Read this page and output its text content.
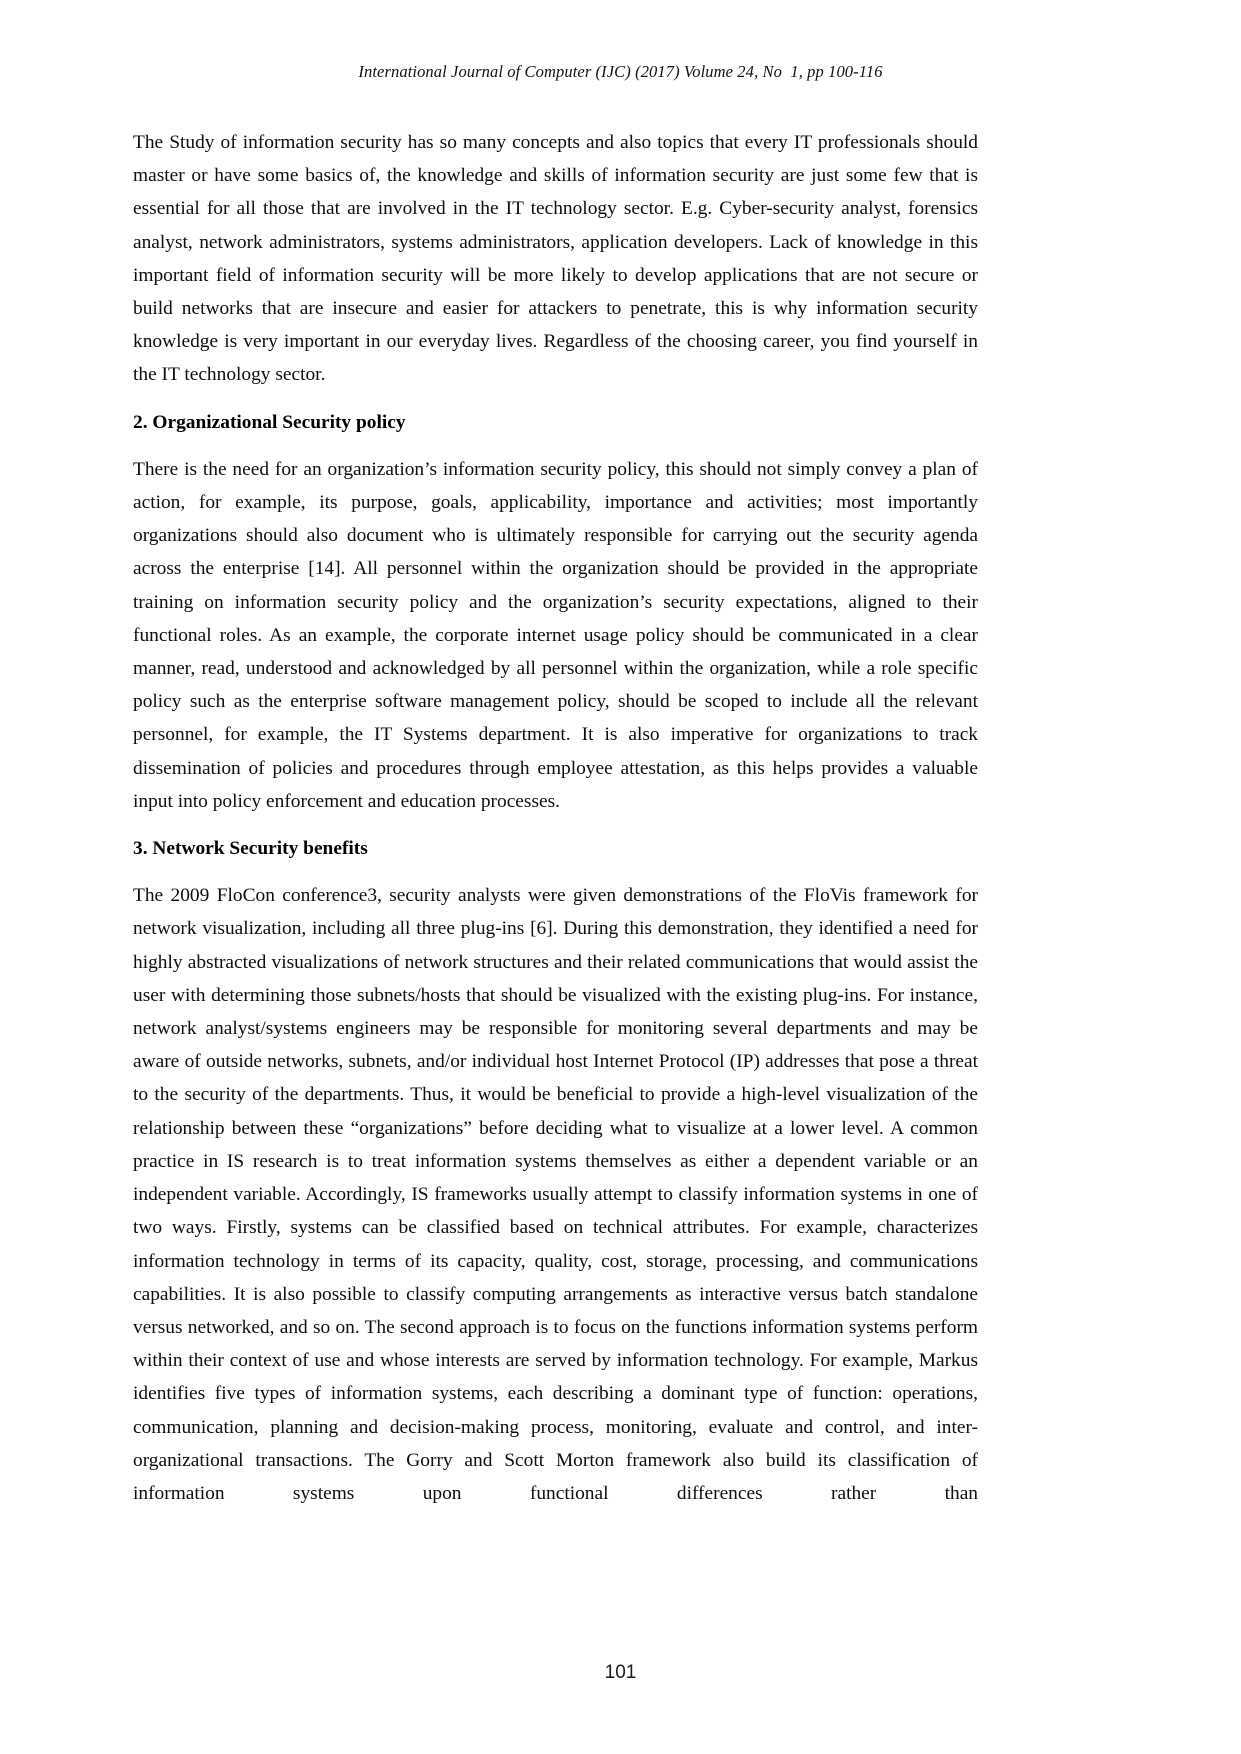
International Journal of Computer (IJC) (2017) Volume 24, No  1, pp 100-116

The Study of information security has so many concepts and also topics that every IT professionals should master or have some basics of, the knowledge and skills of information security are just some few that is essential for all those that are involved in the IT technology sector. E.g. Cyber-security analyst, forensics analyst, network administrators, systems administrators, application developers. Lack of knowledge in this important field of information security will be more likely to develop applications that are not secure or build networks that are insecure and easier for attackers to penetrate, this is why information security knowledge is very important in our everyday lives. Regardless of the choosing career, you find yourself in the IT technology sector.

2. Organizational Security policy

There is the need for an organization’s information security policy, this should not simply convey a plan of action, for example, its purpose, goals, applicability, importance and activities; most importantly organizations should also document who is ultimately responsible for carrying out the security agenda across the enterprise [14]. All personnel within the organization should be provided in the appropriate training on information security policy and the organization’s security expectations, aligned to their functional roles. As an example, the corporate internet usage policy should be communicated in a clear manner, read, understood and acknowledged by all personnel within the organization, while a role specific policy such as the enterprise software management policy, should be scoped to include all the relevant personnel, for example, the IT Systems department. It is also imperative for organizations to track dissemination of policies and procedures through employee attestation, as this helps provides a valuable input into policy enforcement and education processes.

3. Network Security benefits

The 2009 FloCon conference3, security analysts were given demonstrations of the FloVis framework for network visualization, including all three plug-ins [6]. During this demonstration, they identified a need for highly abstracted visualizations of network structures and their related communications that would assist the user with determining those subnets/hosts that should be visualized with the existing plug-ins. For instance, network analyst/systems engineers may be responsible for monitoring several departments and may be aware of outside networks, subnets, and/or individual host Internet Protocol (IP) addresses that pose a threat to the security of the departments. Thus, it would be beneficial to provide a high-level visualization of the relationship between these “organizations” before deciding what to visualize at a lower level. A common practice in IS research is to treat information systems themselves as either a dependent variable or an independent variable. Accordingly, IS frameworks usually attempt to classify information systems in one of two ways. Firstly, systems can be classified based on technical attributes. For example, characterizes information technology in terms of its capacity, quality, cost, storage, processing, and communications capabilities. It is also possible to classify computing arrangements as interactive versus batch standalone versus networked, and so on. The second approach is to focus on the functions information systems perform within their context of use and whose interests are served by information technology. For example, Markus identifies five types of information systems, each describing a dominant type of function: operations, communication, planning and decision-making process, monitoring, evaluate and control, and inter-organizational transactions. The Gorry and Scott Morton framework also build its classification of information systems upon functional differences rather than

101
